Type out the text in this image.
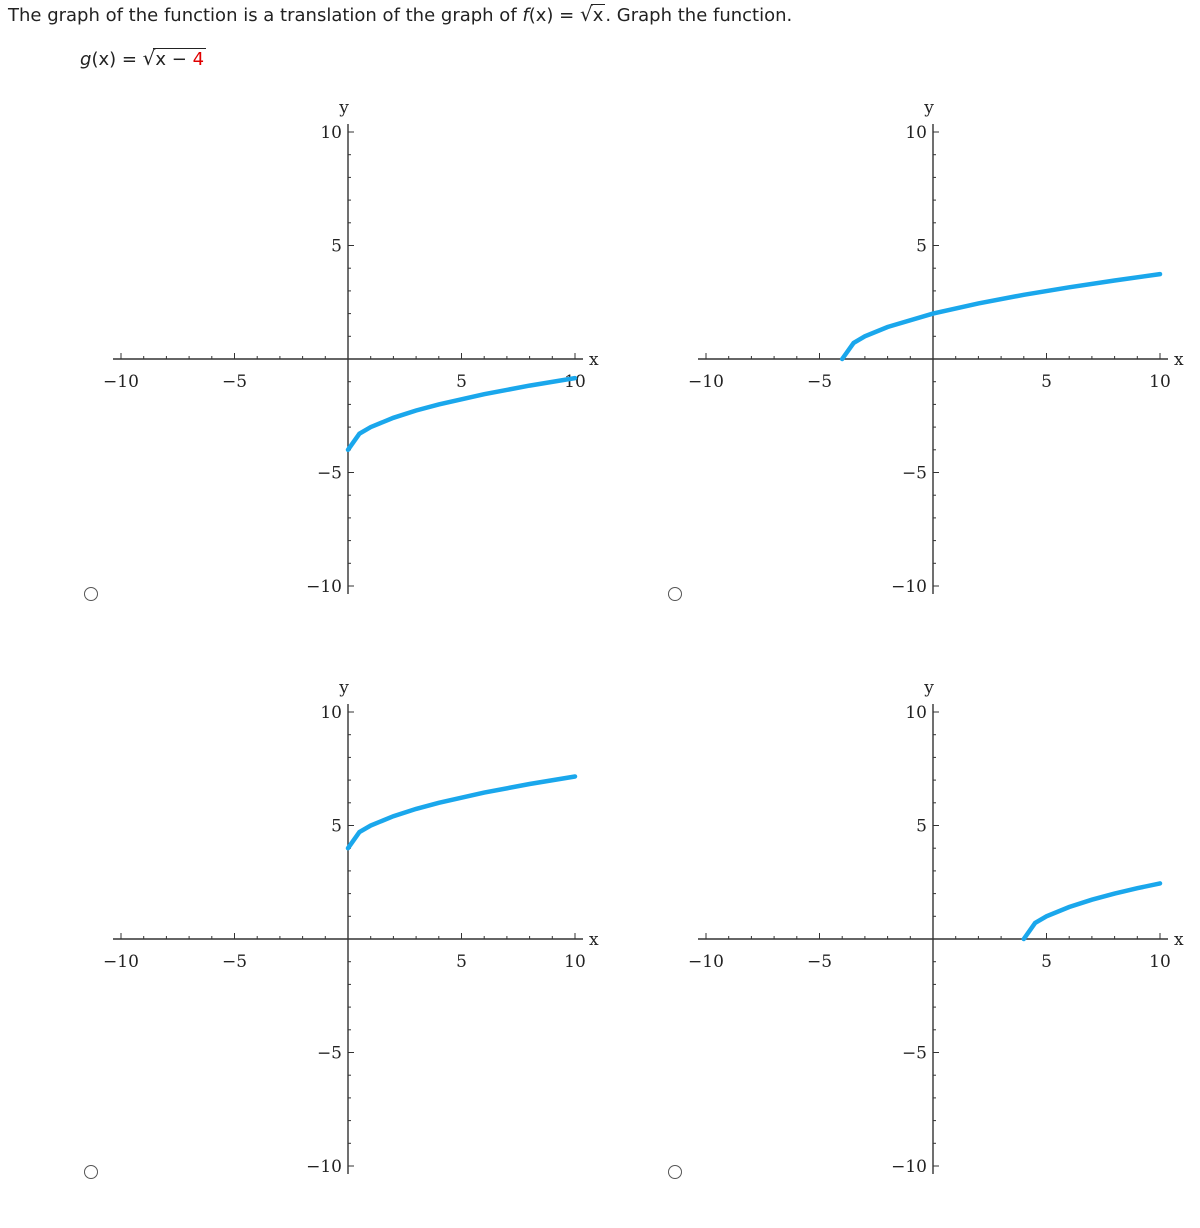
The graph of the function is a translation of the graph of f(x) = √x . Graph the function.
g(x) = √x − 4
−10	−5	5	10
10
5
−5
−10
x
y
−10	−5	5	10
10
5
−5
−10
x
y
−10	−5	5	10
10
5
−5
−10
x
y
−10	−5	5	10
10
5
−5
−10
x
y
